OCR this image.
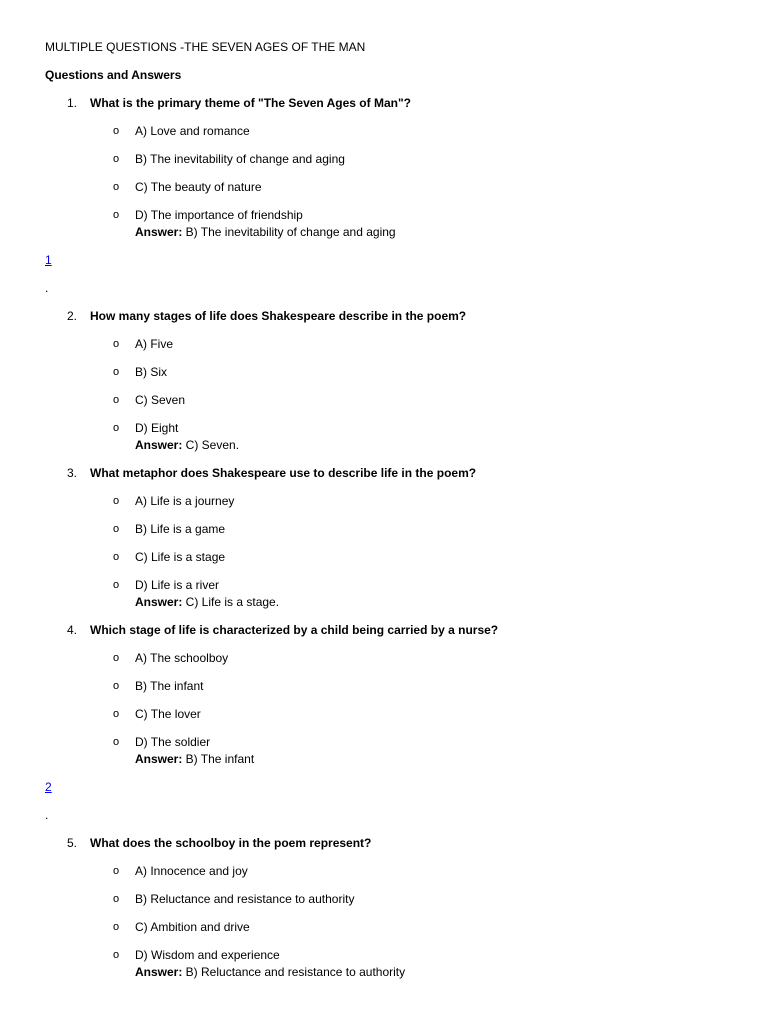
MULTIPLE QUESTIONS -THE SEVEN AGES OF THE MAN
Questions and Answers
1. What is the primary theme of "The Seven Ages of Man"?
o A) Love and romance
o B) The inevitability of change and aging
o C) The beauty of nature
o D) The importance of friendship
Answer: B) The inevitability of change and aging
1
.
2. How many stages of life does Shakespeare describe in the poem?
o A) Five
o B) Six
o C) Seven
o D) Eight
Answer: C) Seven.
3. What metaphor does Shakespeare use to describe life in the poem?
o A) Life is a journey
o B) Life is a game
o C) Life is a stage
o D) Life is a river
Answer: C) Life is a stage.
4. Which stage of life is characterized by a child being carried by a nurse?
o A) The schoolboy
o B) The infant
o C) The lover
o D) The soldier
Answer: B) The infant
2
.
5. What does the schoolboy in the poem represent?
o A) Innocence and joy
o B) Reluctance and resistance to authority
o C) Ambition and drive
o D) Wisdom and experience
Answer: B) Reluctance and resistance to authority
